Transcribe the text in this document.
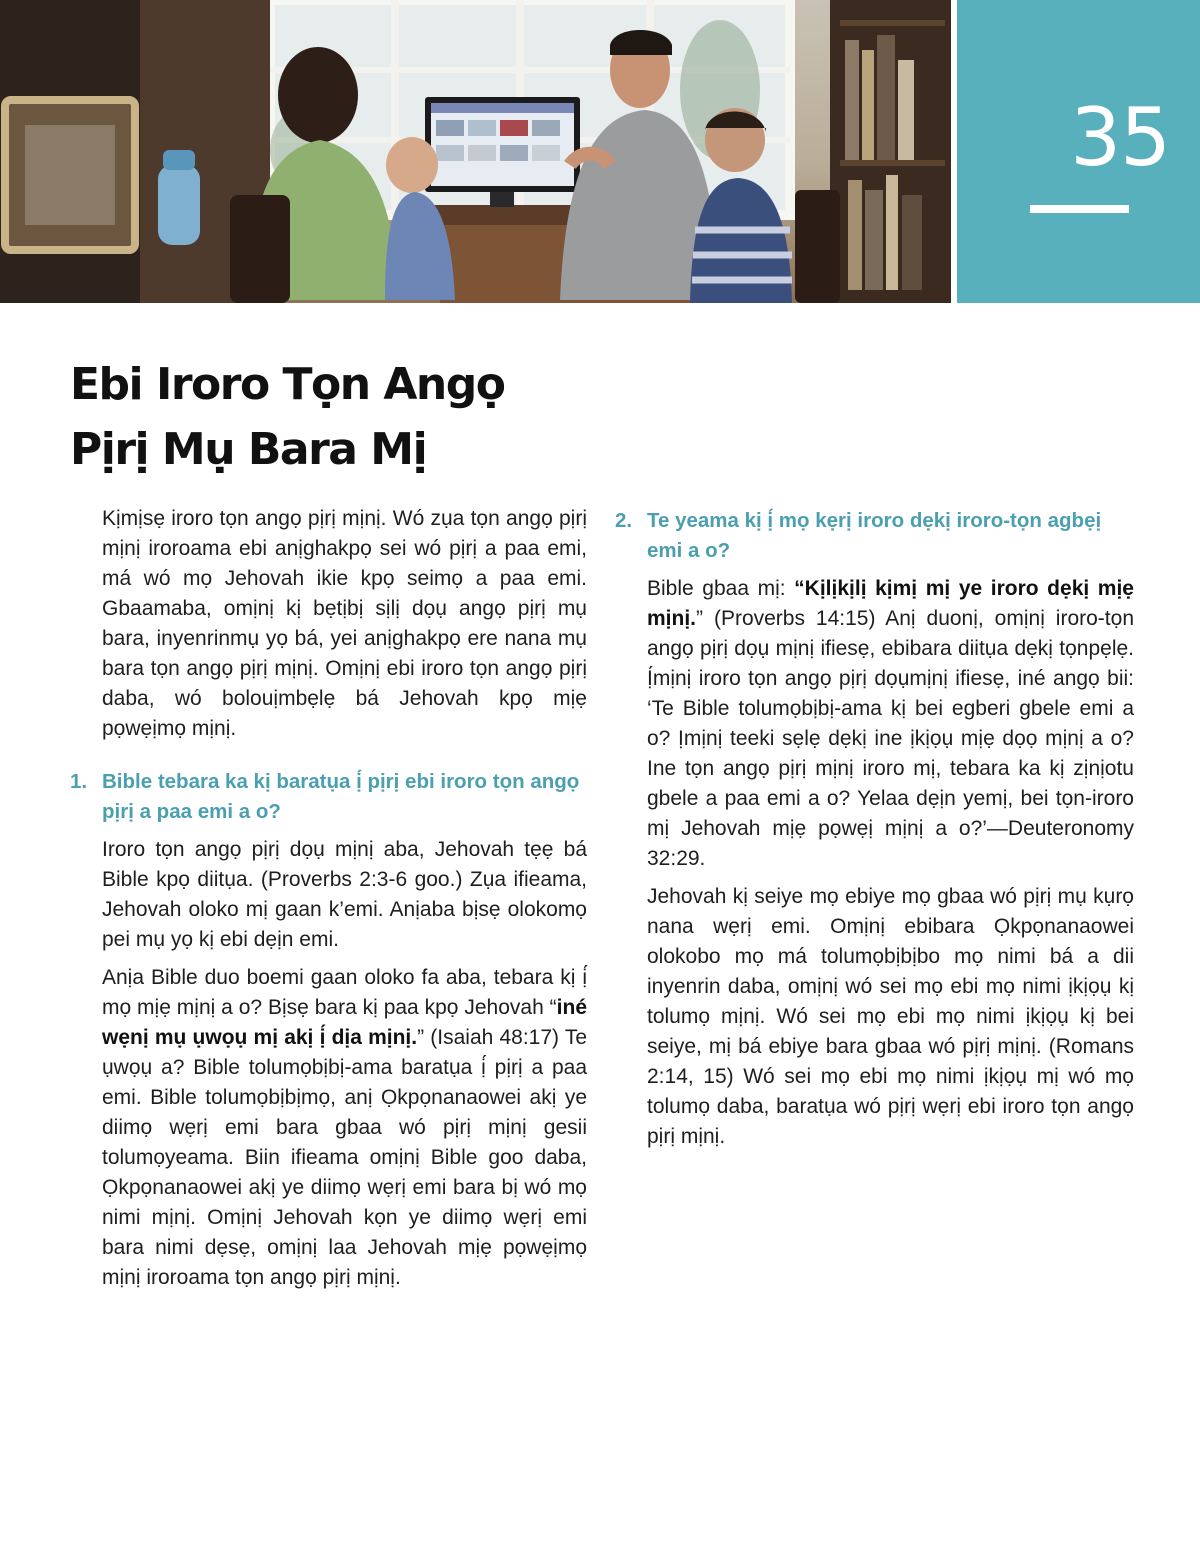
35
Ebi Iroro Tọn Angọ
Pịrị Mụ Bara Mị

Kịmịsẹ iroro tọn angọ pịrị mịnị. Wó zụa tọn angọ pịrị mịnị iroroama ebi anịghakpọ sei wó pịrị a paa emi, má wó mọ Jehovah ikie kpọ seimọ a paa emi. Gbaamaba, omịnị kị bẹtịbị sịlị dọụ angọ pịrị mụ bara, inyenrinmụ yọ bá, yei anịghakpọ ere nana mụ bara tọn angọ pịrị mịnị. Omịnị ebi iroro tọn angọ pịrị daba, wó bolouịmbẹlẹ bá Jehovah kpọ mịẹ pọwẹịmọ mịnị.

1. Bible tebara ka kị baratụa ị́ pịrị ebi iroro tọn angọ pịrị a paa emi a o?

Iroro tọn angọ pịrị dọụ mịnị aba, Jehovah tẹẹ bá Bible kpọ diitụa. (Proverbs 2:3-6 goo.) Zụa ifieama, Jehovah oloko mị gaan k’emi. Anịaba bịsẹ olokomọ pei mụ yọ kị ebi dẹịn emi.

Anịa Bible duo boemi gaan oloko fa aba, tebara kị ị́ mọ mịẹ mịnị a o? Bịsẹ bara kị paa kpọ Jehovah “iné wẹnị mụ ụwọụ mị akị ị́ dịa mịnị.” (Isaiah 48:17) Te ụwọụ a? Bible tolumọbịbị-ama baratụa ị́ pịrị a paa emi. Bible tolumọbịbịmọ, anị Ọkpọnanaowei akị ye diimọ wẹrị emi bara gbaa wó pịrị mịnị gesii tolumọyeama. Biin ifieama omịnị Bible goo daba, Ọkpọnanaowei akị ye diimọ wẹrị emi bara bị wó mọ nimi mịnị. Omịnị Jehovah kọn ye diimọ wẹrị emi bara nimi dẹsẹ, omịnị laa Jehovah mịẹ pọwẹịmọ mịnị iroroama tọn angọ pịrị mịnị.

2. Te yeama kị ị́ mọ kẹrị iroro dẹkị iroro-tọn agbẹị emi a o?

Bible gbaa mị: “Kịlịkịlị kịmị mị ye iroro dẹkị mịẹ mịnị.” (Proverbs 14:15) Anị duonị, omịnị iroro-tọn angọ pịrị dọụ mịnị ifiesẹ, ebibara diitụa dẹkị tọnpẹlẹ. Ị́mịnị iroro tọn angọ pịrị dọụmịnị ifiesẹ, iné angọ bii: ‘Te Bible tolumọbịbị-ama kị bei egberi gbele emi a o? Ịmịnị teeki sẹlẹ dẹkị ine ịkịọụ mịẹ dọọ mịnị a o? Ine tọn angọ pịrị mịnị iroro mị, tebara ka kị zịnịotu gbele a paa emi a o? Yelaa dẹịn yemị, bei tọn-iroro mị Jehovah mịẹ pọwẹị mịnị a o?’—Deuteronomy 32:29.

Jehovah kị seiye mọ ebiye mọ gbaa wó pịrị mụ kụrọ nana wẹrị emi. Omịnị ebibara Ọkpọnanaowei olokobo mọ má tolumọbịbịbo mọ nimi bá a dii inyenrin daba, omịnị wó sei mọ ebi mọ nimi ịkịọụ kị tolumọ mịnị. Wó sei mọ ebi mọ nimi ịkịọụ kị bei seiye, mị bá ebiye bara gbaa wó pịrị mịnị. (Romans 2:14, 15) Wó sei mọ ebi mọ nimi ịkịọụ mị wó mọ tolumọ daba, baratụa wó pịrị wẹrị ebi iroro tọn angọ pịrị mịnị.
